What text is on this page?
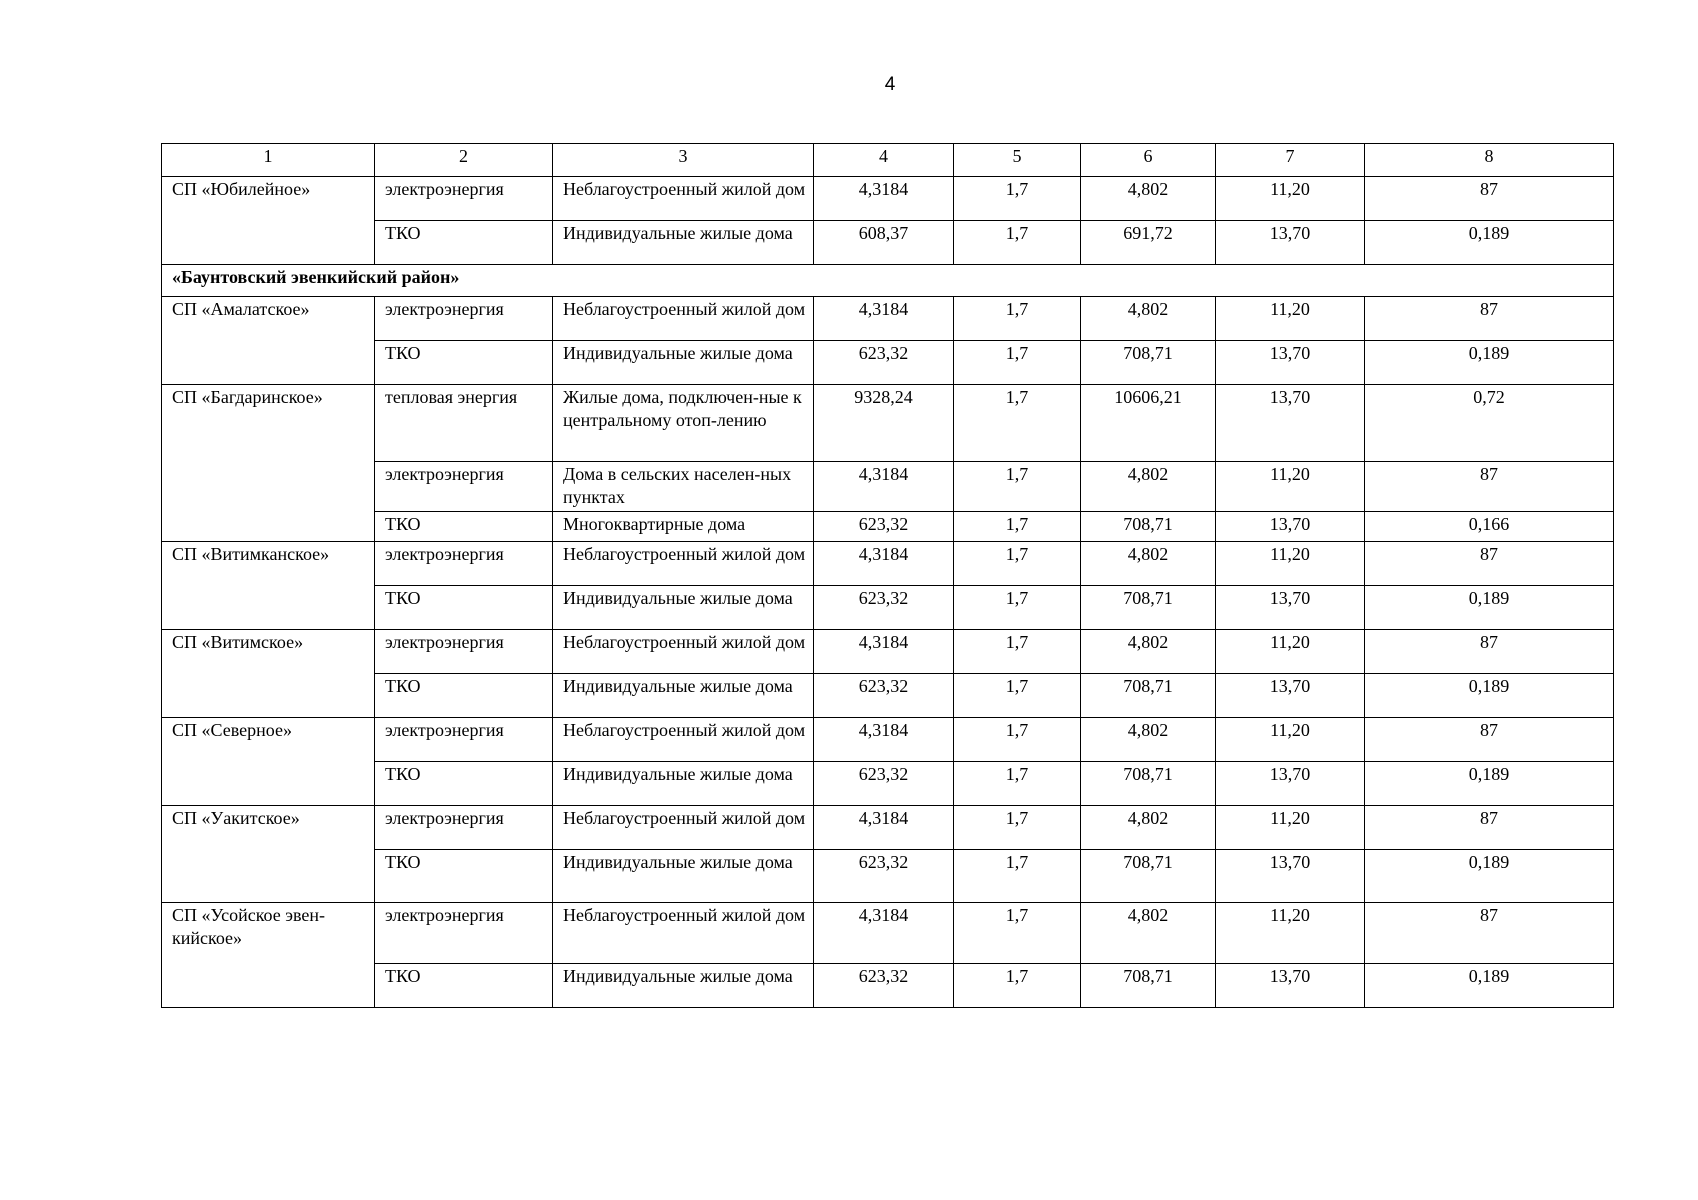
4
1	2	3	4	5	6	7	8
СП «Юбилейное»	электроэнергия	Неблагоустроенный жилой дом	4,3184	1,7	4,802	11,20	87
	ТКО	Индивидуальные жилые дома	608,37	1,7	691,72	13,70	0,189
«Баунтовский эвенкийский район»							
СП «Амалатское»	электроэнергия	Неблагоустроенный жилой дом	4,3184	1,7	4,802	11,20	87
	ТКО	Индивидуальные жилые дома	623,32	1,7	708,71	13,70	0,189
СП «Багдаринское»	тепловая энергия	Жилые дома, подключен-ные к центральному отоп-лению	9328,24	1,7	10606,21	13,70	0,72
	электроэнергия	Дома в сельских населен-ных пунктах	4,3184	1,7	4,802	11,20	87
	ТКО	Многоквартирные дома	623,32	1,7	708,71	13,70	0,166
СП «Витимканское»	электроэнергия	Неблагоустроенный жилой дом	4,3184	1,7	4,802	11,20	87
	ТКО	Индивидуальные жилые дома	623,32	1,7	708,71	13,70	0,189
СП «Витимское»	электроэнергия	Неблагоустроенный жилой дом	4,3184	1,7	4,802	11,20	87
	ТКО	Индивидуальные жилые дома	623,32	1,7	708,71	13,70	0,189
СП «Северное»	электроэнергия	Неблагоустроенный жилой дом	4,3184	1,7	4,802	11,20	87
	ТКО	Индивидуальные жилые дома	623,32	1,7	708,71	13,70	0,189
СП «Уакитское»	электроэнергия	Неблагоустроенный жилой дом	4,3184	1,7	4,802	11,20	87
	ТКО	Индивидуальные жилые дома	623,32	1,7	708,71	13,70	0,189
СП «Усойское эвен-кийское»	электроэнергия	Неблагоустроенный жилой дом	4,3184	1,7	4,802	11,20	87
	ТКО	Индивидуальные жилые дома	623,32	1,7	708,71	13,70	0,189
